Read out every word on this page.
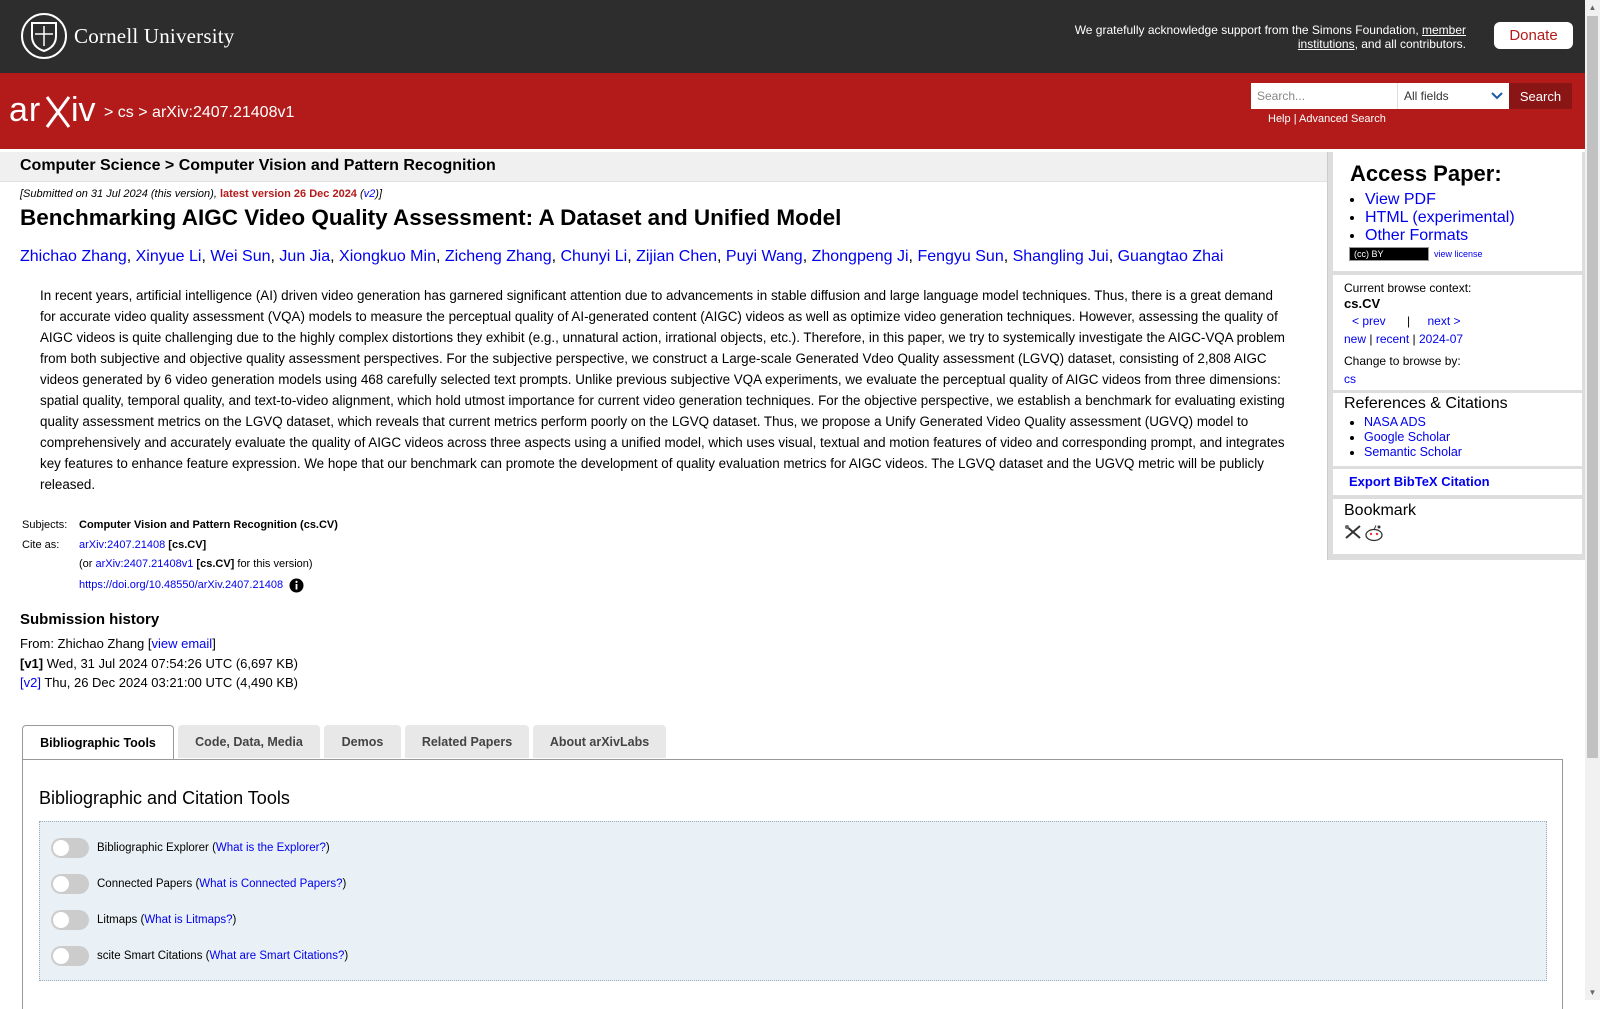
Cornell University	We gratefully acknowledge support from the Simons Foundation, member institutions, and all contributors.	Donate
ar iv > cs > arXiv:2407.21408v1
Search...	All fields	Search
Help | Advanced Search
Computer Science > Computer Vision and Pattern Recognition
[Submitted on 31 Jul 2024 (this version), latest version 26 Dec 2024 (v2)]
Benchmarking AIGC Video Quality Assessment: A Dataset and Unified Model
Zhichao Zhang, Xinyue Li, Wei Sun, Jun Jia, Xiongkuo Min, Zicheng Zhang, Chunyi Li, Zijian Chen, Puyi Wang, Zhongpeng Ji, Fengyu Sun, Shangling Jui, Guangtao Zhai
In recent years, artificial intelligence (AI) driven video generation has garnered significant attention due to advancements in stable diffusion and large language model techniques. Thus, there is a great demand for accurate video quality assessment (VQA) models to measure the perceptual quality of AI-generated content (AIGC) videos as well as optimize video generation techniques. However, assessing the quality of AIGC videos is quite challenging due to the highly complex distortions they exhibit (e.g., unnatural action, irrational objects, etc.). Therefore, in this paper, we try to systemically investigate the AIGC-VQA problem from both subjective and objective quality assessment perspectives. For the subjective perspective, we construct a Large-scale Generated Vdeo Quality assessment (LGVQ) dataset, consisting of 2,808 AIGC videos generated by 6 video generation models using 468 carefully selected text prompts. Unlike previous subjective VQA experiments, we evaluate the perceptual quality of AIGC videos from three dimensions: spatial quality, temporal quality, and text-to-video alignment, which hold utmost importance for current video generation techniques. For the objective perspective, we establish a benchmark for evaluating existing quality assessment metrics on the LGVQ dataset, which reveals that current metrics perform poorly on the LGVQ dataset. Thus, we propose a Unify Generated Video Quality assessment (UGVQ) model to comprehensively and accurately evaluate the quality of AIGC videos across three aspects using a unified model, which uses visual, textual and motion features of video and corresponding prompt, and integrates key features to enhance feature expression. We hope that our benchmark can promote the development of quality evaluation metrics for AIGC videos. The LGVQ dataset and the UGVQ metric will be publicly released.
Subjects:	Computer Vision and Pattern Recognition (cs.CV)
Cite as:	arXiv:2407.21408 [cs.CV]
(or arXiv:2407.21408v1 [cs.CV] for this version)
https://doi.org/10.48550/arXiv.2407.21408
Submission history
From: Zhichao Zhang [view email]
[v1] Wed, 31 Jul 2024 07:54:26 UTC (6,697 KB)
[v2] Thu, 26 Dec 2024 03:21:00 UTC (4,490 KB)
Access Paper:
• View PDF
• HTML (experimental)
• Other Formats
(cc) BY	view license
Current browse context:
cs.CV
< prev | next >
new | recent | 2024-07
Change to browse by:
cs
References & Citations
• NASA ADS
• Google Scholar
• Semantic Scholar
Export BibTeX Citation
Bookmark
Bibliographic Tools	Code, Data, Media	Demos	Related Papers	About arXivLabs
Bibliographic and Citation Tools
Bibliographic Explorer ( What is the Explorer? )
Connected Papers ( What is Connected Papers? )
Litmaps ( What is Litmaps? )
scite Smart Citations ( What are Smart Citations? )
▲
▼
